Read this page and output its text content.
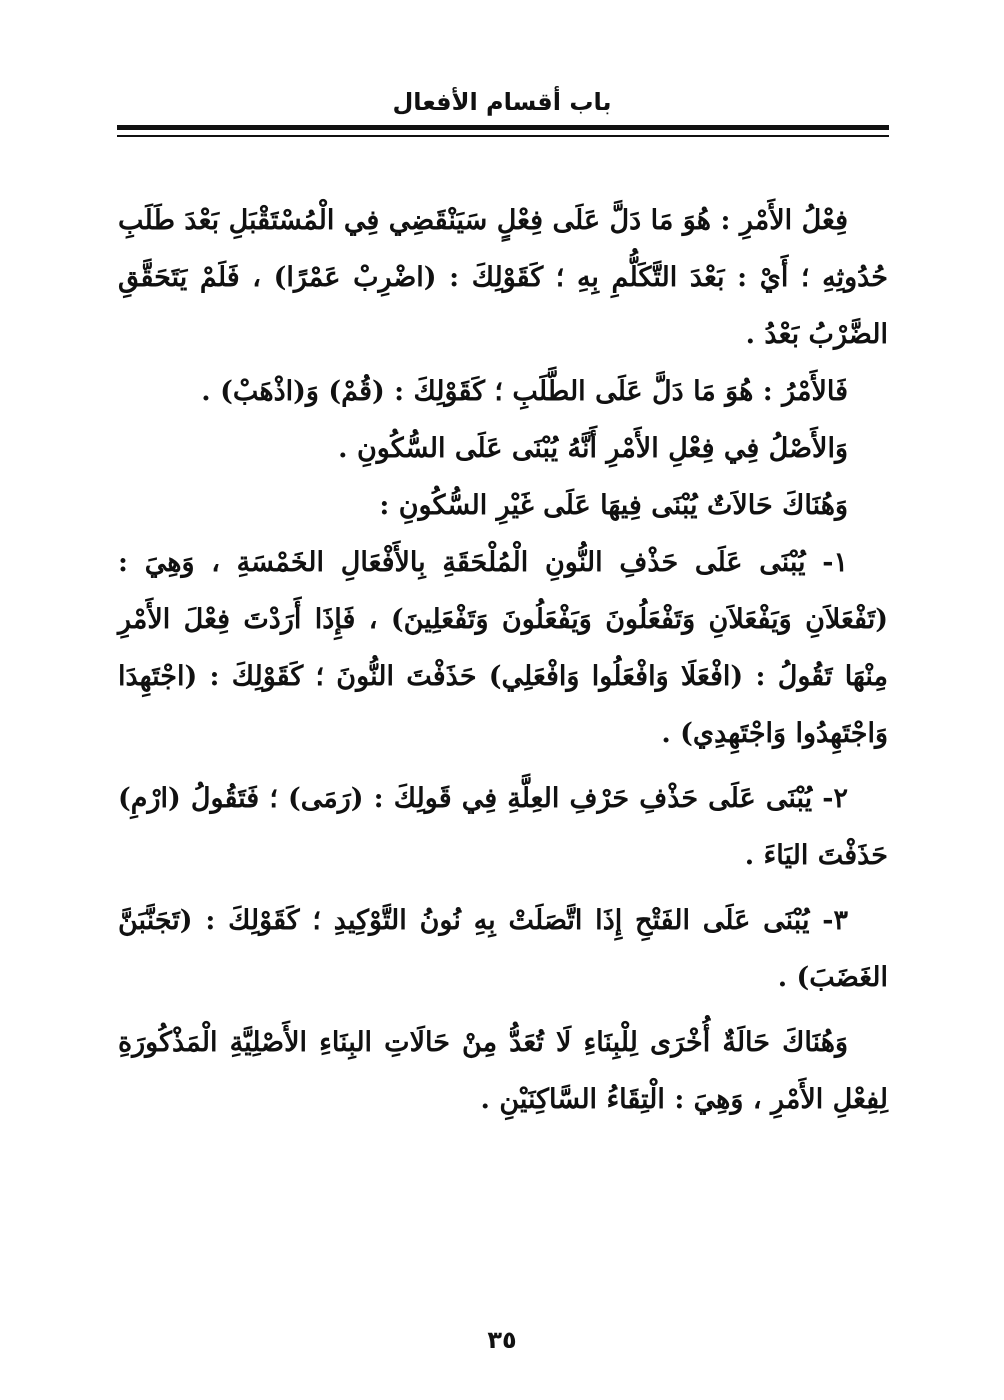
باب أقسام الأفعال

فِعْلُ الأَمْرِ : هُوَ مَا دَلَّ عَلَى فِعْلٍ سَيَنْقَضِي فِي الْمُسْتَقْبَلِ بَعْدَ طَلَبِ حُدُوثِهِ ؛ أَيْ : بَعْدَ التَّكَلُّمِ بِهِ ؛ كَقَوْلِكَ : (اضْرِبْ عَمْرًا) ، فَلَمْ يَتَحَقَّقِ الضَّرْبُ بَعْدُ .

فَالأَمْرُ : هُوَ مَا دَلَّ عَلَى الطَّلَبِ ؛ كَقَوْلِكَ : (قُمْ) وَ(اذْهَبْ) .

وَالأَصْلُ فِي فِعْلِ الأَمْرِ أَنَّهُ يُبْنَى عَلَى السُّكُونِ .

وَهُنَاكَ حَالاَتٌ يُبْنَى فِيهَا عَلَى غَيْرِ السُّكُونِ :

١- يُبْنَى عَلَى حَذْفِ النُّونِ الْمُلْحَقَةِ بِالأَفْعَالِ الخَمْسَةِ ، وَهِيَ : (تَفْعَلاَنِ وَيَفْعَلاَنِ وَتَفْعَلُونَ وَيَفْعَلُونَ وَتَفْعَلِينَ) ، فَإِذَا أَرَدْتَ فِعْلَ الأَمْرِ مِنْهَا تَقُولُ : (افْعَلَا وَافْعَلُوا وَافْعَلِي) حَذَفْتَ النُّونَ ؛ كَقَوْلِكَ : (اجْتَهِدَا وَاجْتَهِدُوا وَاجْتَهِدِي) .

٢- يُبْنَى عَلَى حَذْفِ حَرْفِ العِلَّةِ فِي قَولِكَ : (رَمَى) ؛ فَتَقُولُ (ارْمِ) حَذَفْتَ اليَاءَ .

٣- يُبْنَى عَلَى الفَتْحِ إِذَا اتَّصَلَتْ بِهِ نُونُ التَّوْكِيدِ ؛ كَقَوْلِكَ : (تَجَنَّبَنَّ الغَضَبَ) .

وَهُنَاكَ حَالَةٌ أُخْرَى لِلْبِنَاءِ لَا تُعَدُّ مِنْ حَالَاتِ البِنَاءِ الأَصْلِيَّةِ الْمَذْكُورَةِ لِفِعْلِ الأَمْرِ ، وَهِيَ : الْتِقَاءُ السَّاكِنَيْنِ .

٣٥
